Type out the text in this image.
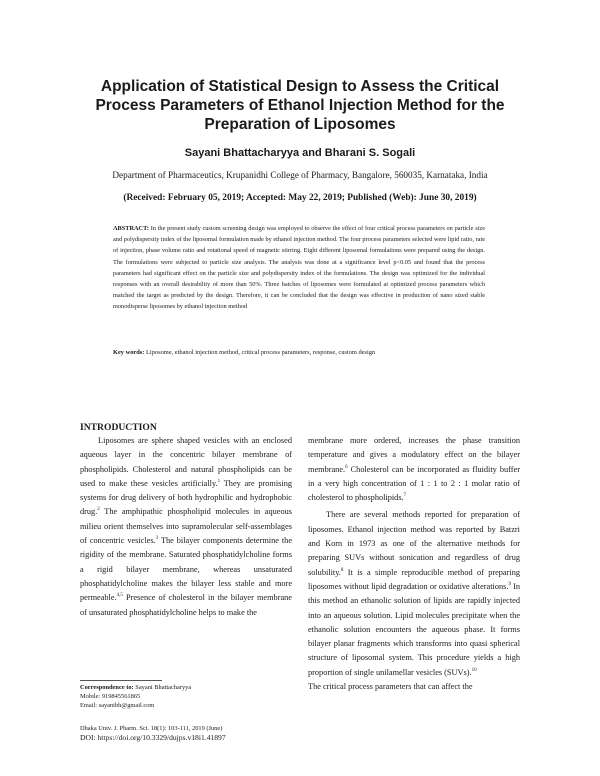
Application of Statistical Design to Assess the Critical
Process Parameters of Ethanol Injection Method for the
Preparation of Liposomes
Sayani Bhattacharyya and Bharani S. Sogali
Department of Pharmaceutics, Krupanidhi College of Pharmacy, Bangalore, 560035, Karnataka, India
(Received: February 05, 2019; Accepted: May 22, 2019; Published (Web): June 30, 2019)
ABSTRACT: In the present study custom screening design was employed to observe the effect of four critical process parameters on particle size and polydispersity index of the liposomal formulation made by ethanol injection method. The four process parameters selected were lipid ratio, rate of injection, phase volume ratio and rotational speed of magnetic stirring. Eight different liposomal formulations were prepared using the design. The formulations were subjected to particle size analysis. The analysis was done at a significance level p<0.05 and found that the process parameters had significant effect on the particle size and polydispersity index of the formulations. The design was optimized for the individual responses with an overall desirability of more than 50%. Three batches of liposomes were formulated at optimized process parameters which matched the target as predicted by the design. Therefore, it can be concluded that the design was effective in production of nano sized stable monodisperse liposomes by ethanol injection method
Key words: Liposome, ethanol injection method, critical process parameters, response, custom design
INTRODUCTION

Liposomes are sphere shaped vesicles with an enclosed aqueous layer in the concentric bilayer membrane of phospholipids. Cholesterol and natural phospholipids can be used to make these vesicles artificially.$^1$ They are promising systems for drug delivery of both hydrophilic and hydrophobic drug.$^2$ The amphipathic phospholipid molecules in aqueous milieu orient themselves into supramolecular self-assemblages of concentric vesicles.$^3$ The bilayer components determine the rigidity of the membrane. Saturated phosphatidylcholine forms a rigid bilayer membrane, whereas unsaturated phosphatidylcholine makes the bilayer less stable and more permeable.$^{4,5}$ Presence of cholesterol in the bilayer membrane of unsaturated phosphatidylcholine helps to make the

membrane more ordered, increases the phase transition temperature and gives a modulatory effect on the bilayer membrane.$^6$ Cholesterol can be incorporated as fluidity buffer in a very high concentration of 1 : 1 to 2 : 1 molar ratio of cholesterol to phospholipids.$^7$

There are several methods reported for preparation of liposomes. Ethanol injection method was reported by Batzri and Korn in 1973 as one of the alternative methods for preparing SUVs without sonication and regardless of drug solubility.$^8$ It is a simple reproducible method of preparing liposomes without lipid degradation or oxidative alterations.$^9$ In this method an ethanolic solution of lipids are rapidly injected into an aqueous solution. Lipid molecules precipitate when the ethanolic solution encounters the aqueous phase. It forms bilayer planar fragments which transforms into quasi spherical structure of liposomal system. This procedure yields a high proportion of single unilamellar vesicles (SUVs).$^{10}$

The critical process parameters that can affect the

Correspondence to: Sayani Bhattacharyya
Mobile: 919845561865
Email: sayanibh@gmail.com
Dhaka Univ. J. Pharm. Sci. 18(1): 103-111, 2019 (June)
DOI: https://doi.org/10.3329/dujps.v18i1.41897
